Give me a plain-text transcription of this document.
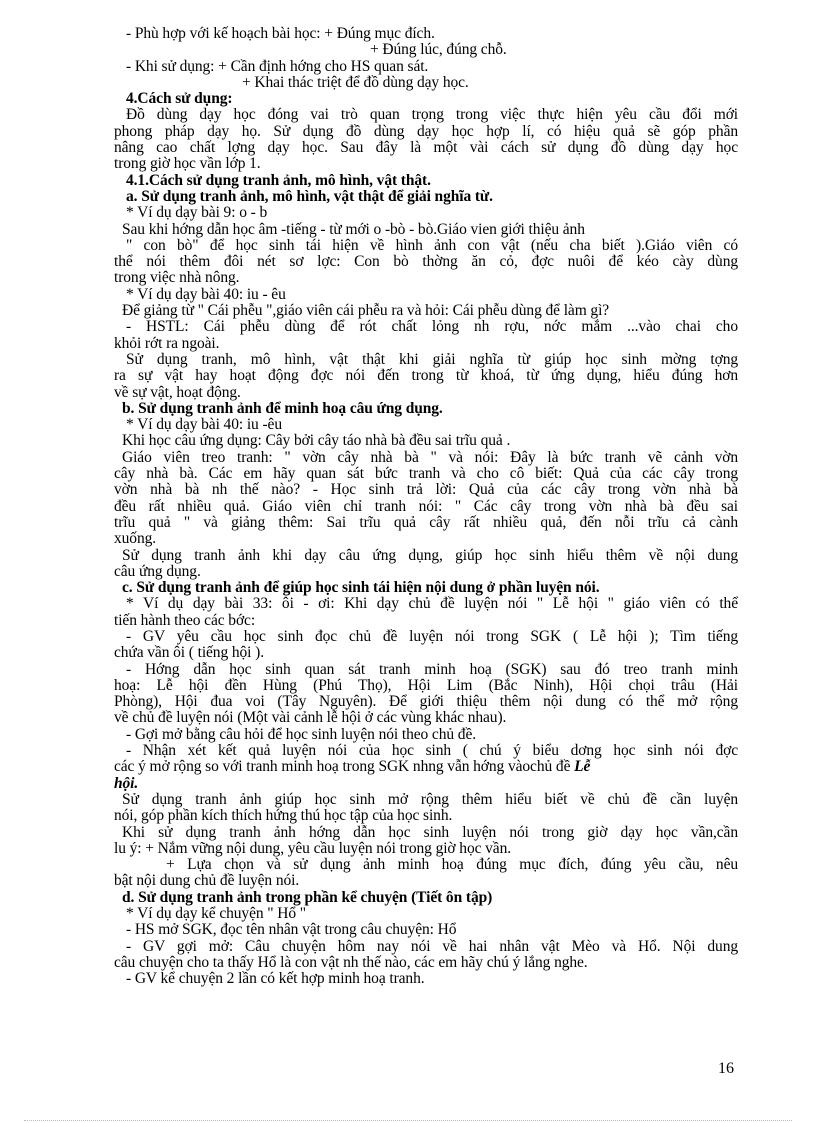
- Phù hợp với kế hoạch bài học: + Đúng mục đích.

+ Đúng lúc, đúng chỗ.

- Khi sử dụng: + Cần định hớng cho HS quan sát.

+ Khai thác triệt để đồ dùng dạy học.

4.Cách sử dụng:

Đồ dùng dạy học đóng vai trò quan trọng trong việc thực hiện yêu cầu đổi mới

phong pháp dạy họ. Sử dụng đồ dùng dạy học hợp lí, có hiệu quả sẽ góp phần

nâng cao chất lợng dạy học. Sau đây là một vài cách sử dụng đồ dùng dạy học

trong giờ học vần lớp 1.

4.1.Cách sử dụng tranh ảnh, mô hình, vật thật.

a. Sử dụng tranh ảnh, mô hình, vật thật để giải nghĩa từ.

* Ví dụ dạy bài 9: o - b

Sau khi hớng dẫn học âm -tiếng - từ mới o -bò - bò.Giáo vien giới thiệu ảnh

" con bò" để học sinh tái hiện về hình ảnh con vật (nếu cha biết ).Giáo viên có

thể nói thêm đôi nét sơ lợc: Con bò thờng ăn cỏ, đợc nuôi để kéo cày dùng

trong việc nhà nông.

* Ví dụ dạy bài 40: iu - êu

Để giảng từ " Cái phễu ",giáo viên cái phễu ra và hỏi: Cái phễu dùng để làm gì?

- HSTL: Cái phễu dùng để rót chất lỏng nh rợu, nớc mắm ...vào chai cho

khỏi rớt ra ngoài.

Sử dụng tranh, mô hình, vật thật khi giải nghĩa từ giúp học sinh mờng tợng

ra sự vật hay hoạt động đợc nói đến trong từ khoá, từ ứng dụng, hiểu đúng hơn

về sự vật, hoạt động.

b. Sử dụng tranh ảnh để minh hoạ câu ứng dụng.

* Ví dụ dạy bài 40: iu -êu

Khi học câu ứng dụng: Cây bởi cây táo nhà bà đều sai trĩu quả .

Giáo viên treo tranh: " vờn cây nhà bà " và nói: Đây là bức tranh vẽ cảnh vờn

cây nhà bà. Các em hãy quan sát bức tranh và cho cô biết: Quả của các cây trong

vờn nhà bà nh thế nào? - Học sinh trả lời: Quả của các cây trong vờn nhà bà

đều rất nhiều quả. Giáo viên chỉ tranh nói: " Các cây trong vờn nhà bà đều sai

trĩu quả " và giảng thêm: Sai trĩu quả cây rất nhiều quả, đến nỗi trĩu cả cành

xuống.

Sử dụng tranh ảnh khi dạy câu ứng dụng, giúp học sinh hiểu thêm về nội dung

câu ứng dụng.

c. Sử dụng tranh ảnh để giúp học sinh tái hiện nội dung ở phần luyện nói.

* Ví dụ dạy bài 33: ôi - ơi: Khi dạy chủ đề luyện nói " Lễ hội " giáo viên có thể

tiến hành theo các bớc:

- GV yêu cầu học sinh đọc chủ đề luyện nói trong SGK ( Lễ hội ); Tìm tiếng

chứa vần ôi ( tiếng hội ).

- Hớng dẫn học sinh quan sát tranh minh hoạ (SGK) sau đó treo tranh minh

hoạ: Lễ hội đền Hùng (Phú Thọ), Hội Lim (Bắc Ninh), Hội chọi trâu (Hải

Phòng), Hội đua voi (Tây Nguyên). Để giới thiệu thêm nội dung có thể mở rộng

về chủ đề luyện nói (Một vài cảnh lễ hội ở các vùng khác nhau).

- Gợi mở bằng câu hỏi để học sinh luyện nói theo chủ đề.

- Nhận xét kết quả luyện nói của học sinh ( chú ý biểu dơng học sinh nói đợc

các ý mở rộng so với tranh minh hoạ trong SGK nhng vẫn hớng vàochủ đề Lễ

hội.

Sử dụng tranh ảnh giúp học sinh mở rộng thêm hiểu biết về chủ đề cần luyện

nói, góp phần kích thích hứng thú học tập của học sinh.

Khi sử dụng tranh ảnh hớng dẫn học sinh luyện nói trong giờ dạy học vần,cần

lu ý: + Nắm vững nội dung, yêu cầu luyện nói trong giờ học vần.

+ Lựa chọn và sử dụng ảnh minh hoạ đúng mục đích, đúng yêu cầu, nêu

bật nội dung chủ đề luyện nói.

d. Sử dụng tranh ảnh trong phần kể chuyện (Tiết ôn tập)

* Ví dụ dạy kể chuyện " Hổ "

- HS mở SGK, đọc tên nhân vật trong câu chuyện: Hổ

- GV gợi mở: Câu chuyện hôm nay nói về hai nhân vật Mèo và Hổ. Nội dung

câu chuyện cho ta thấy Hổ là con vật nh thế nào, các em hãy chú ý lắng nghe.

- GV kể chuyện 2 lần có kết hợp minh hoạ tranh.

16
